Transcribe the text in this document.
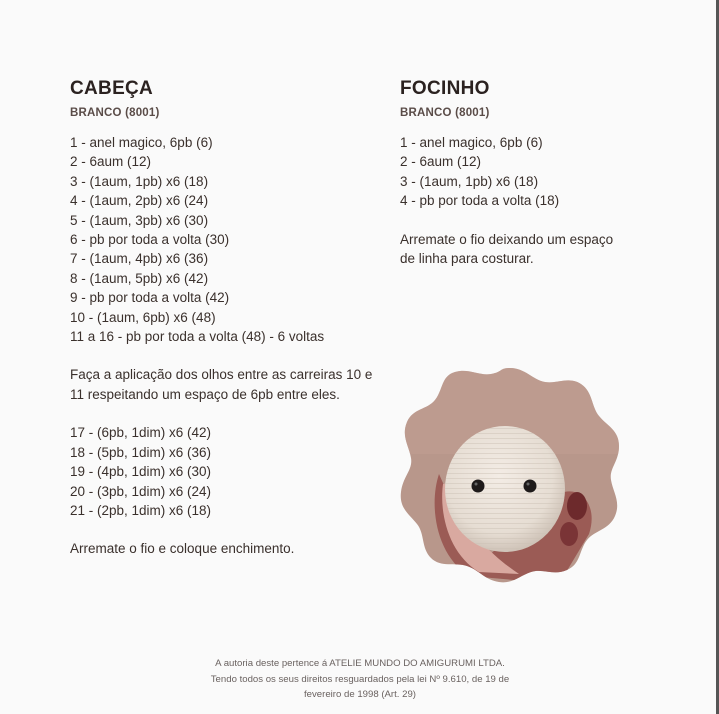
CABEÇA
BRANCO (8001)
1 - anel magico, 6pb (6)
2 - 6aum (12)
3 - (1aum, 1pb) x6 (18)
4 - (1aum, 2pb) x6 (24)
5 - (1aum, 3pb) x6 (30)
6 - pb por toda a volta (30)
7 - (1aum, 4pb) x6 (36)
8 - (1aum, 5pb) x6 (42)
9 - pb por toda a volta (42)
10 - (1aum, 6pb) x6 (48)
11 a 16 - pb por toda a volta (48) - 6 voltas
Faça a aplicação dos olhos entre as carreiras 10 e 11 respeitando um espaço de 6pb entre eles.
17 - (6pb, 1dim) x6 (42)
18 - (5pb, 1dim) x6 (36)
19 - (4pb, 1dim) x6 (30)
20 - (3pb, 1dim) x6 (24)
21 - (2pb, 1dim) x6 (18)
Arremate o fio e coloque enchimento.
FOCINHO
BRANCO (8001)
1 - anel magico, 6pb (6)
2 - 6aum (12)
3 - (1aum, 1pb) x6 (18)
4 - pb por toda a volta (18)
Arremate o fio deixando um espaço de linha para costurar.
A autoria deste pertence á ATELIE MUNDO DO AMIGURUMI LTDA.
Tendo todos os seus direitos resguardados pela lei Nº 9.610, de 19 de
fevereiro de 1998 (Art. 29)
